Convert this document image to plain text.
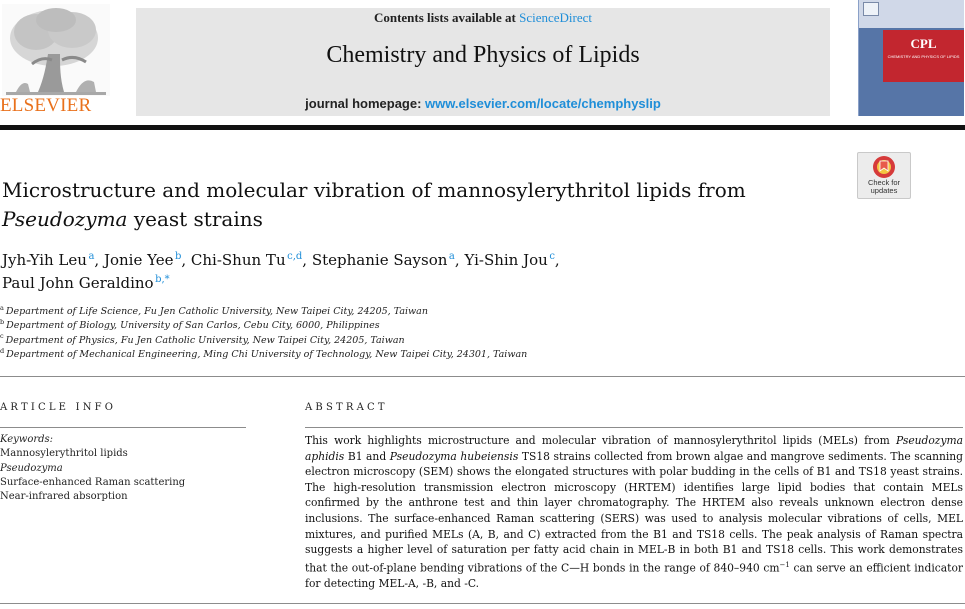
ELSEVIER
Contents lists available at ScienceDirect
Chemistry and Physics of Lipids
journal homepage: www.elsevier.com/locate/chemphyslip
CPL
CHEMISTRY AND PHYSICS OF LIPIDS
Check for
updates
Microstructure and molecular vibration of mannosylerythritol lipids from
Pseudozyma yeast strains
Jyh-Yih Leu  $^a$, Jonie Yee  $^b$, Chi-Shun Tu  $^{c,d}$, Stephanie Sayson  $^a$, Yi-Shin Jou  $^c$,
Paul John Geraldino  $^{b,*}$
$^a$ Department of Life Science, Fu Jen Catholic University, New Taipei City, 24205, Taiwan
$^b$ Department of Biology, University of San Carlos, Cebu City, 6000, Philippines
$^c$ Department of Physics, Fu Jen Catholic University, New Taipei City, 24205, Taiwan
$^d$ Department of Mechanical Engineering, Ming Chi University of Technology, New Taipei City, 24301, Taiwan
ARTICLE INFO
Keywords:
Mannosylerythritol lipids
Pseudozyma
Surface-enhanced Raman scattering
Near-infrared absorption
ABSTRACT

This work highlights microstructure and molecular vibration of mannosylerythritol lipids (MELs) from Pseudozyma aphidis B1 and Pseudozyma hubeiensis TS18 strains collected from brown algae and mangrove sediments. The scanning electron microscopy (SEM) shows the elongated structures with polar budding in the cells of B1 and TS18 yeast strains. The high-resolution transmission electron microscopy (HRTEM) identifies large lipid bodies that contain MELs confirmed by the anthrone test and thin layer chromatography. The HRTEM also reveals unknown electron dense inclusions. The surface-enhanced Raman scattering (SERS) was used to analysis molecular vibrations of cells, MEL mixtures, and purified MELs (A, B, and C) extracted from the B1 and TS18 cells. The peak analysis of Raman spectra suggests a higher level of saturation per fatty acid chain in MEL-B in both B1 and TS18 cells. This work demonstrates that the out-of-plane bending vibrations of the C—H bonds in the range of 840–940 $cm^{-1}$ can serve an efficient indicator for detecting MEL-A, -B, and -C.
